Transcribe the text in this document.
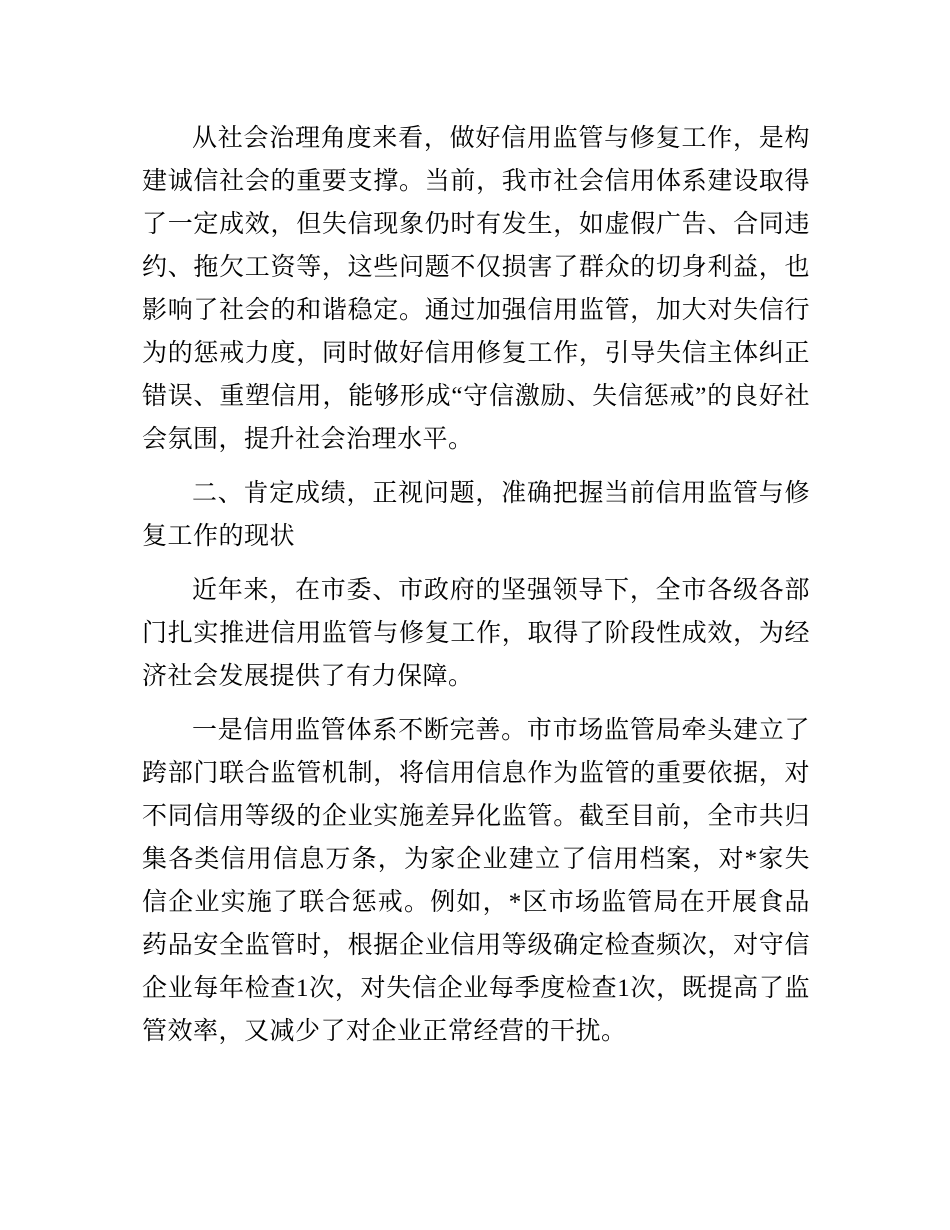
从社会治理角度来看，做好信用监管与修复工作，是构建诚信社会的重要支撑。当前，我市社会信用体系建设取得了一定成效，但失信现象仍时有发生，如虚假广告、合同违约、拖欠工资等，这些问题不仅损害了群众的切身利益，也影响了社会的和谐稳定。通过加强信用监管，加大对失信行为的惩戒力度，同时做好信用修复工作，引导失信主体纠正错误、重塑信用，能够形成“守信激励、失信惩戒”的良好社会氛围，提升社会治理水平。

二、肯定成绩，正视问题，准确把握当前信用监管与修复工作的现状

近年来，在市委、市政府的坚强领导下，全市各级各部门扎实推进信用监管与修复工作，取得了阶段性成效，为经济社会发展提供了有力保障。

一是信用监管体系不断完善。市市场监管局牵头建立了跨部门联合监管机制，将信用信息作为监管的重要依据，对不同信用等级的企业实施差异化监管。截至目前，全市共归集各类信用信息万条，为家企业建立了信用档案，对*家失信企业实施了联合惩戒。例如，*区市场监管局在开展食品药品安全监管时，根据企业信用等级确定检查频次，对守信企业每年检查1次，对失信企业每季度检查1次，既提高了监管效率，又减少了对企业正常经营的干扰。
